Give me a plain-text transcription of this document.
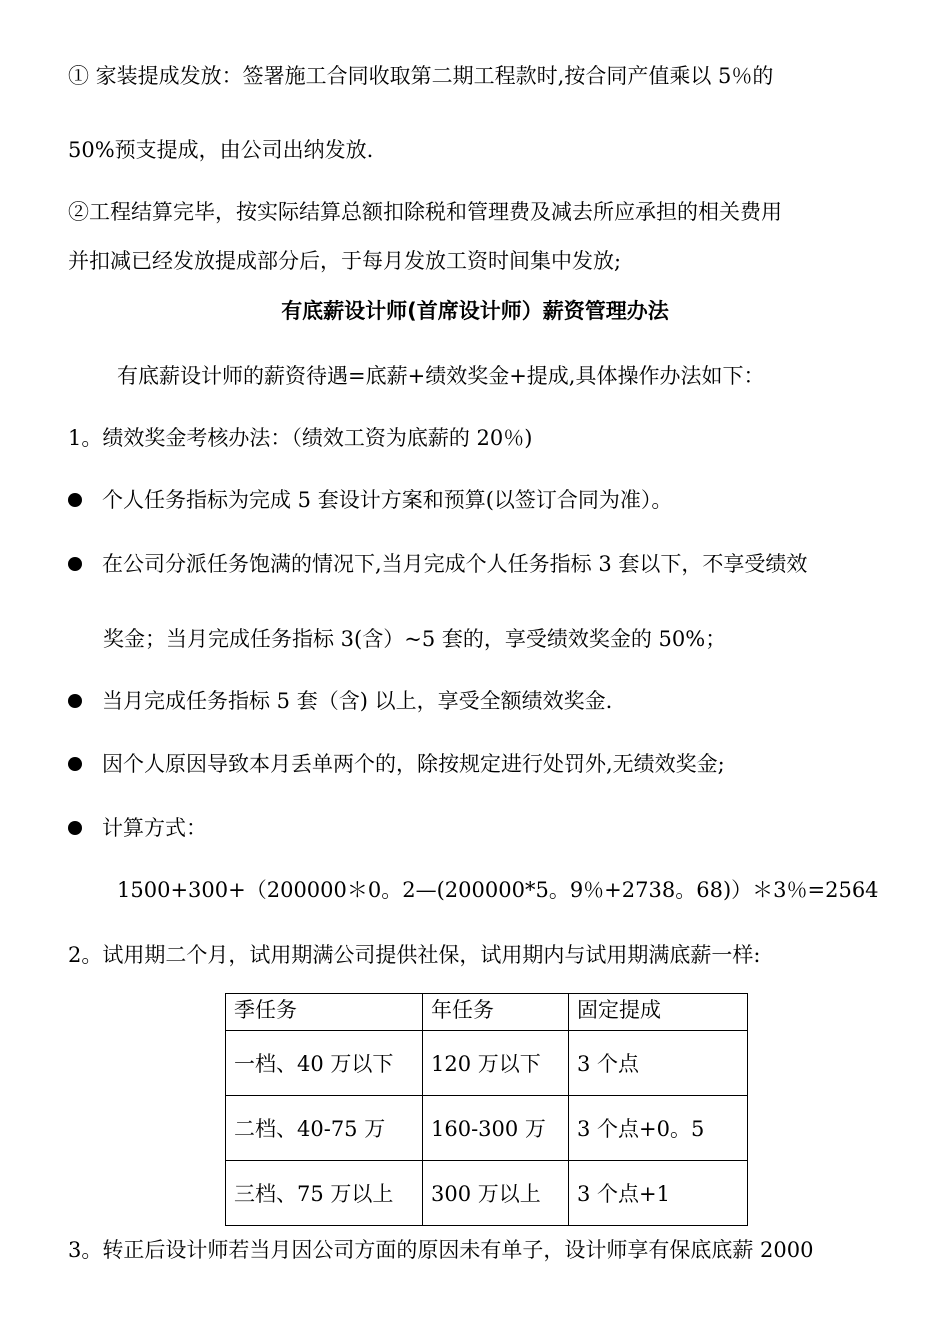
① 家装提成发放：签署施工合同收取第二期工程款时,按合同产值乘以 5％的
50%预支提成，由公司出纳发放.
②工程结算完毕，按实际结算总额扣除税和管理费及减去所应承担的相关费用
并扣减已经发放提成部分后，于每月发放工资时间集中发放;
有底薪设计师(首席设计师）薪资管理办法
有底薪设计师的薪资待遇=底薪+绩效奖金+提成,具体操作办法如下：
1。绩效奖金考核办法：（绩效工资为底薪的 20％)
个人任务指标为完成 5 套设计方案和预算(以签订合同为准）。
在公司分派任务饱满的情况下,当月完成个人任务指标 3 套以下，不享受绩效
奖金；当月完成任务指标 3(含）~5 套的，享受绩效奖金的 50%；
当月完成任务指标 5 套（含) 以上，享受全额绩效奖金.
因个人原因导致本月丢单两个的，除按规定进行处罚外,无绩效奖金;
计算方式：
1500+300+（200000＊0。2—(200000*5。9％+2738。68)）＊3％=2564
2。试用期二个月，试用期满公司提供社保，试用期内与试用期满底薪一样:
季任务	年任务	固定提成
一档、40 万以下	120 万以下	3 个点
二档、40-75 万	160-300 万	3 个点+0。5
三档、75 万以上	300 万以上	3 个点+1
3。转正后设计师若当月因公司方面的原因未有单子，设计师享有保底底薪 2000
